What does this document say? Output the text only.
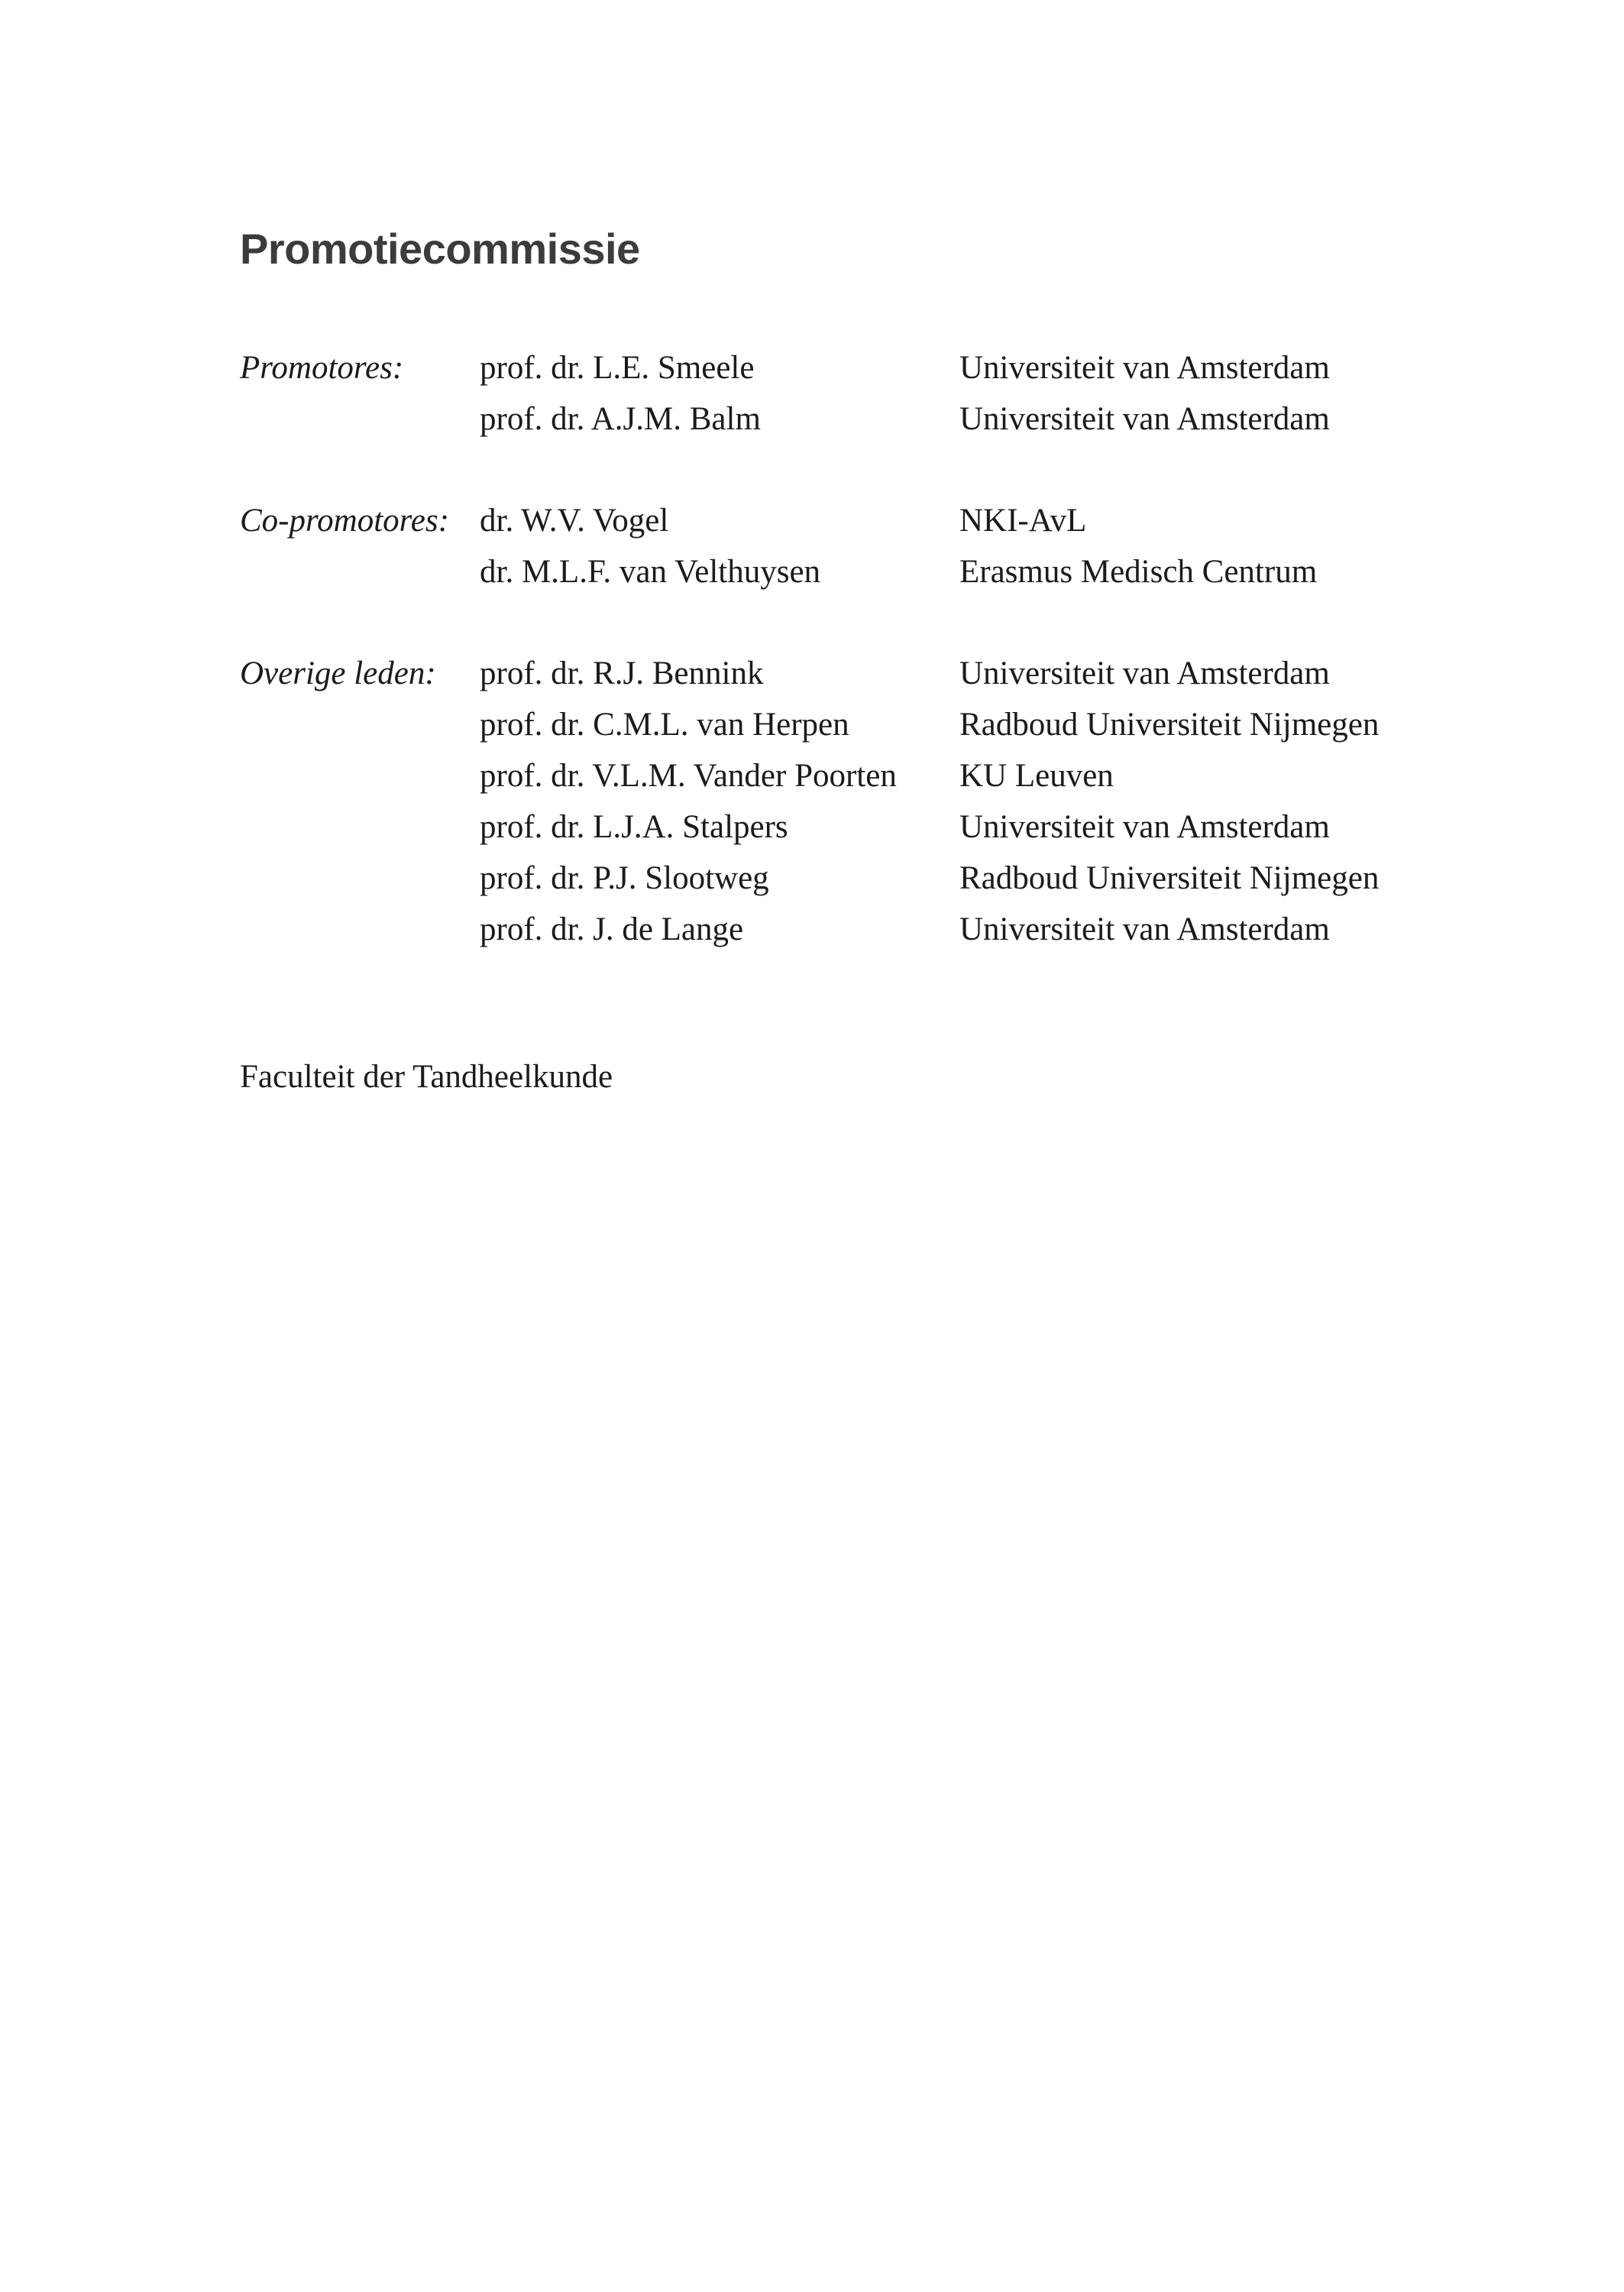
Promotiecommissie
Promotores:	prof. dr. L.E. Smeele	Universiteit van Amsterdam
prof. dr. A.J.M. Balm	Universiteit van Amsterdam
Co-promotores: dr. W.V. Vogel	NKI-AvL
dr. M.L.F. van Velthuysen	Erasmus Medisch Centrum
Overige leden:	prof. dr. R.J. Bennink	Universiteit van Amsterdam
prof. dr. C.M.L. van Herpen	Radboud Universiteit Nijmegen
prof. dr. V.L.M. Vander Poorten	KU Leuven
prof. dr. L.J.A. Stalpers	Universiteit van Amsterdam
prof. dr. P.J. Slootweg	Radboud Universiteit Nijmegen
prof. dr. J. de Lange	Universiteit van Amsterdam
Faculteit der Tandheelkunde
